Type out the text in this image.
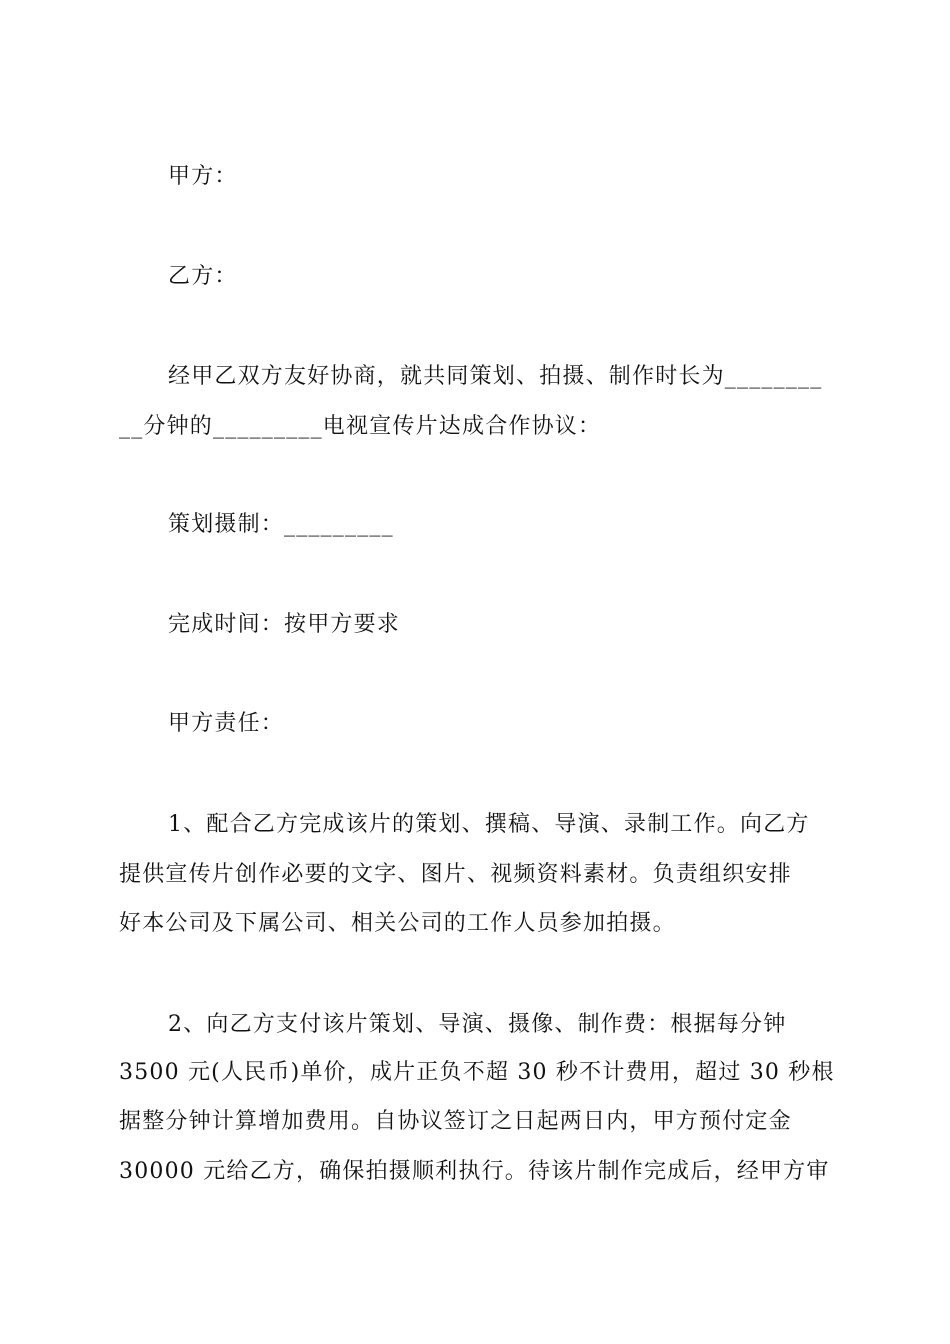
甲方：
乙方：
经甲乙双方友好协商，就共同策划、拍摄、制作时长为________
__分钟的_________电视宣传片达成合作协议：
策划摄制：_________
完成时间：按甲方要求
甲方责任：
1、配合乙方完成该片的策划、撰稿、导演、录制工作。向乙方
提供宣传片创作必要的文字、图片、视频资料素材。负责组织安排
好本公司及下属公司、相关公司的工作人员参加拍摄。
2、向乙方支付该片策划、导演、摄像、制作费：根据每分钟
3500 元(人民币)单价，成片正负不超 30 秒不计费用，超过 30 秒根
据整分钟计算增加费用。自协议签订之日起两日内，甲方预付定金
30000 元给乙方，确保拍摄顺利执行。待该片制作完成后，经甲方审
